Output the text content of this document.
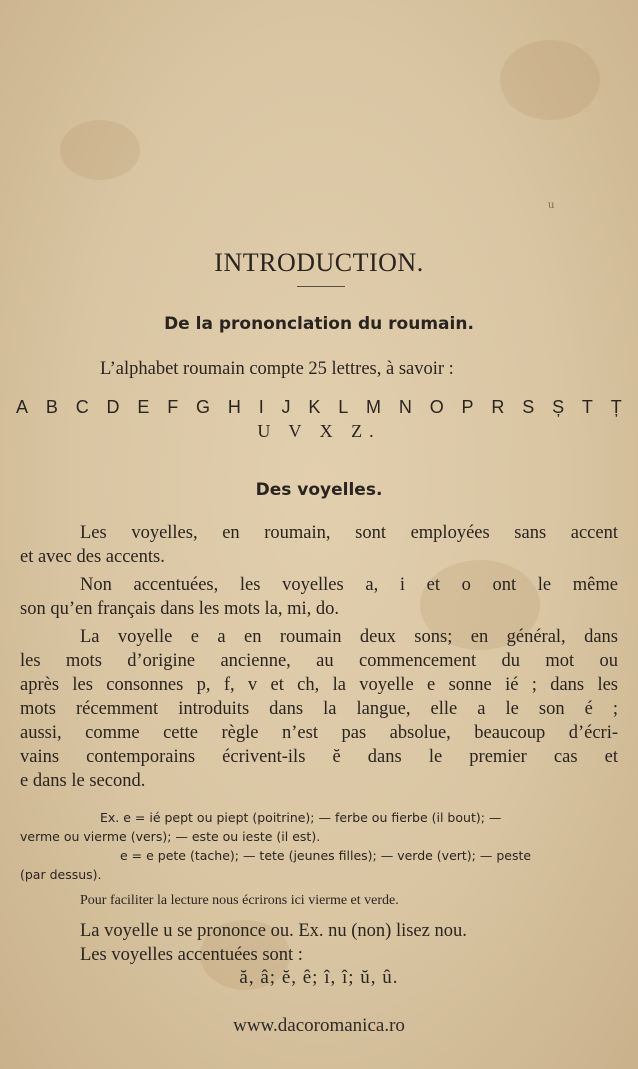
u
INTRODUCTION.
De la prononclation du roumain.
L’alphabet roumain compte 25 lettres, à savoir :
A B C D E F G H I J K L M N O P R S Ș T Ț
U V X Z.
Des voyelles.
Les voyelles, en roumain, sont employées sans accent
et avec des accents.
Non accentuées, les voyelles a, i et o ont le même
son qu’en français dans les mots la, mi, do.
La voyelle e a en roumain deux sons; en général, dans
les mots d’origine ancienne, au commencement du mot ou
après les consonnes p, f, v et ch, la voyelle e sonne ié ; dans les
mots récemment introduits dans la langue, elle a le son é ;
aussi, comme cette règle n’est pas absolue, beaucoup d’écri-
vains contemporains écrivent-ils ĕ dans le premier cas et
e dans le second.
Ex. e = ié pept ou piept (poitrine); — ferbe ou fierbe (il bout); —
verme ou vierme (vers); — este ou ieste (il est).
e = e pete (tache); — tete (jeunes filles); — verde (vert); — peste
(par dessus).
Pour faciliter la lecture nous écrirons ici vierme et verde.
La voyelle u se prononce ou. Ex. nu (non) lisez nou.
Les voyelles accentuées sont :
ă, â; ĕ, ê; î, î; ŭ, û.
www.dacoromanica.ro
